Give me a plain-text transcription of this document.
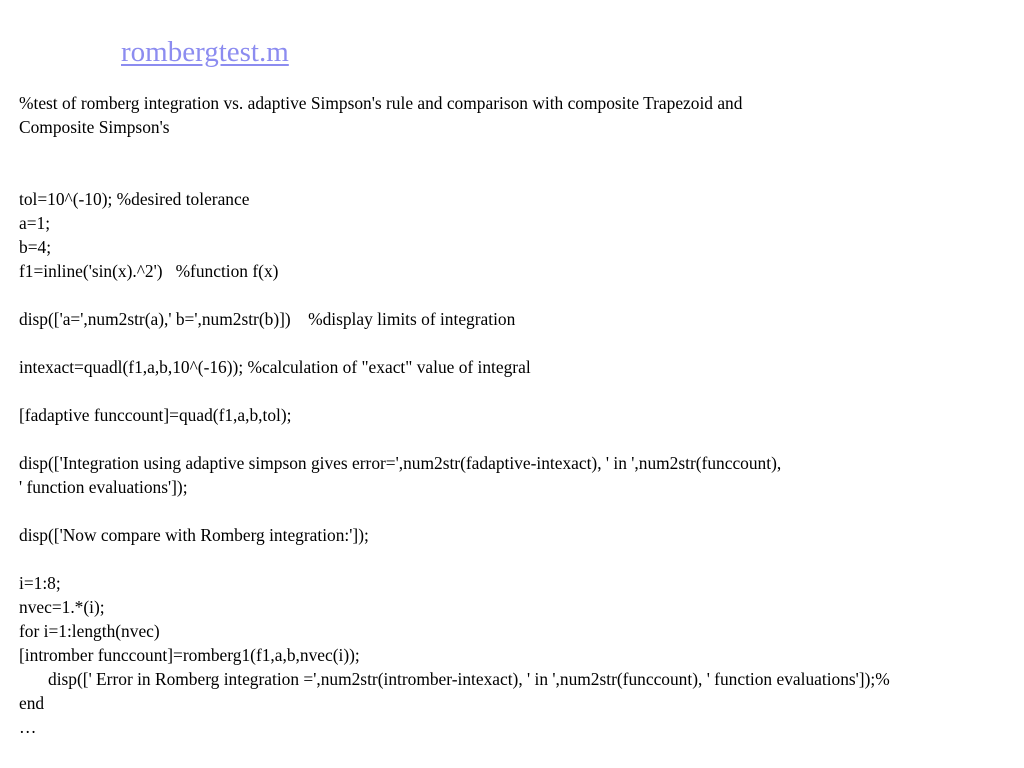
rombergtest.m
%test of romberg integration vs. adaptive Simpson's rule and comparison with composite Trapezoid and
Composite Simpson's
tol=10^(-10); %desired tolerance
a=1;
b=4;
f1=inline('sin(x).^2')   %function f(x)
disp(['a=',num2str(a),' b=',num2str(b)])    %display limits of integration
intexact=quadl(f1,a,b,10^(-16)); %calculation of "exact" value of integral
[fadaptive funccount]=quad(f1,a,b,tol);
disp(['Integration using adaptive simpson gives error=',num2str(fadaptive-intexact), ' in ',num2str(funccount),
' function evaluations']);
disp(['Now compare with Romberg integration:']);
i=1:8;
nvec=1.*(i);
for i=1:length(nvec)
[intromber funccount]=romberg1(f1,a,b,nvec(i));
disp([' Error in Romberg integration =',num2str(intromber-intexact), ' in ',num2str(funccount), ' function evaluations']);%
end
…
